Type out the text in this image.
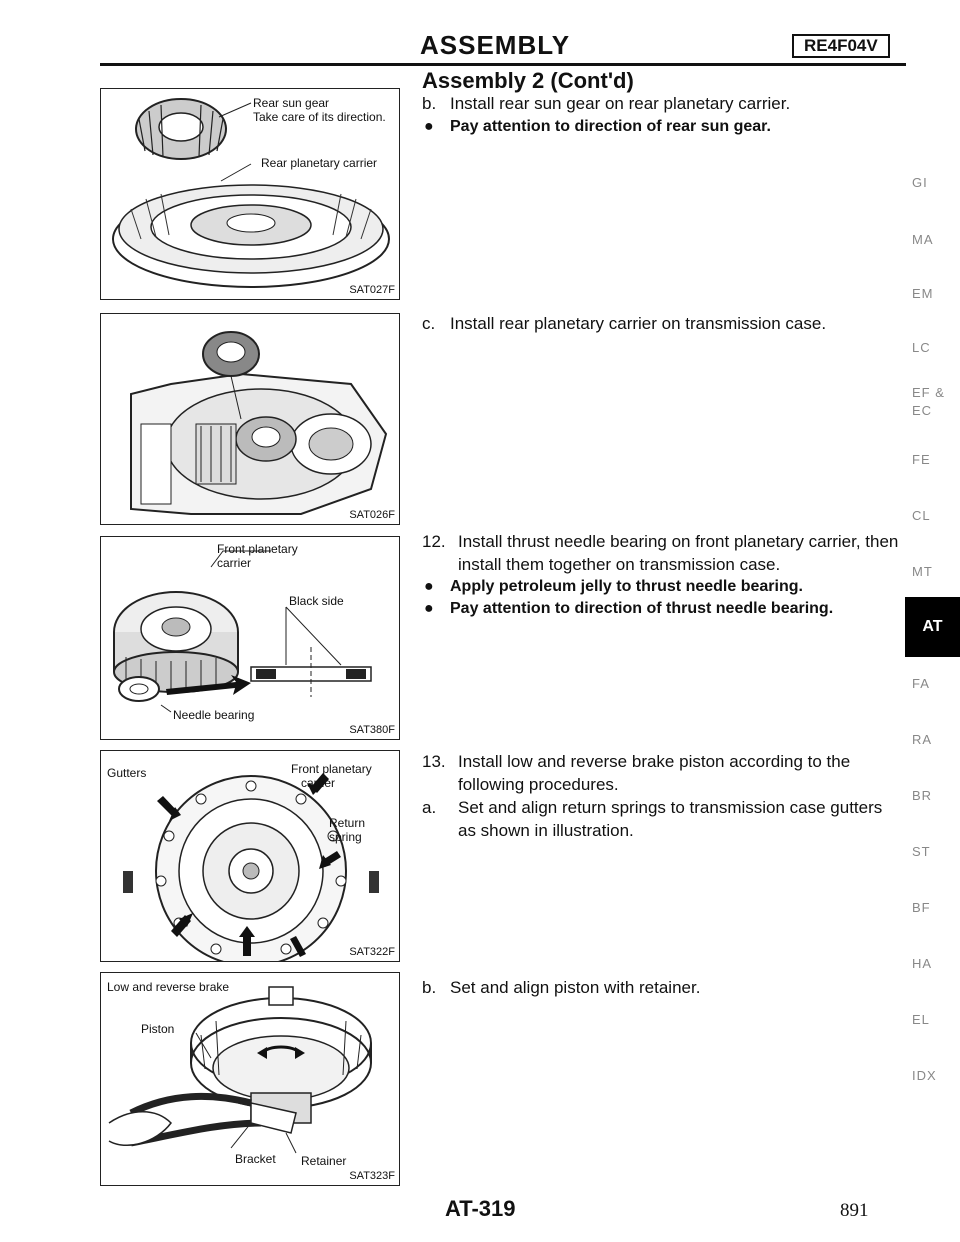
ASSEMBLY	RE4F04V
Assembly 2 (Cont'd)
Rear sun gear
Take care of its direction.
Rear planetary carrier
SAT027F
SAT026F
Front planetary
carrier
Black side
Needle bearing
SAT380F
Gutters	Front planetary
carrier
Return
spring
SAT322F
Low and reverse brake
Piston
Retainer
Bracket
SAT323F
b. Install rear sun gear on rear planetary carrier.
● Pay attention to direction of rear sun gear.
c. Install rear planetary carrier on transmission case.
12. Install thrust needle bearing on front planetary carrier, then install them together on transmission case.
● Apply petroleum jelly to thrust needle bearing.
● Pay attention to direction of thrust needle bearing.
13. Install low and reverse brake piston according to the following procedures.
a. Set and align return springs to transmission case gutters as shown in illustration.
b. Set and align piston with retainer.
GI
MA
EM
LC
EF &
EC
FE
CL
MT
AT
FA
RA
BR
ST
BF
HA
EL
IDX
AT-319	891
